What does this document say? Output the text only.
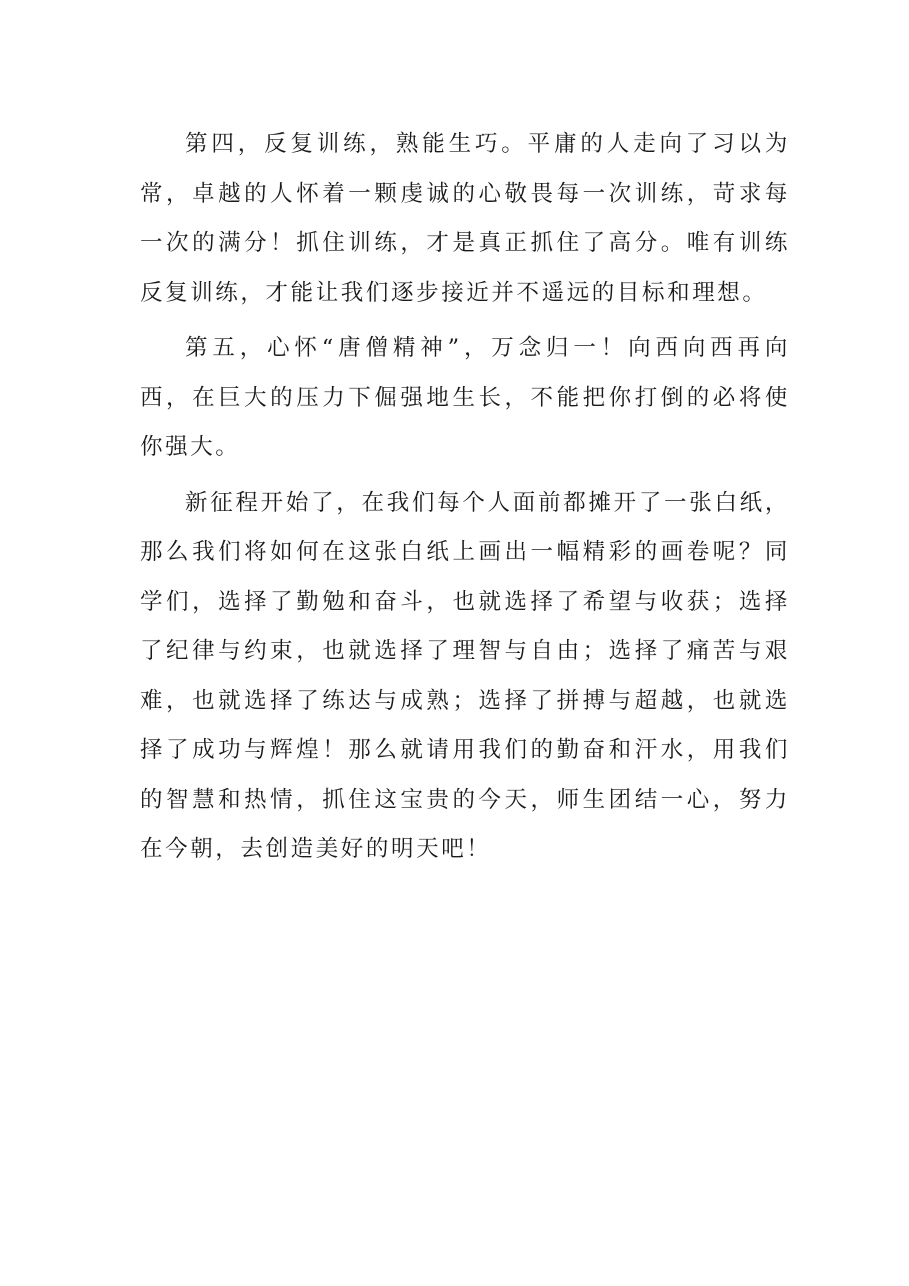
第四，反复训练，熟能生巧。平庸的人走向了习以为常，卓越的人怀着一颗虔诚的心敬畏每一次训练，苛求每一次的满分！抓住训练，才是真正抓住了高分。唯有训练反复训练，才能让我们逐步接近并不遥远的目标和理想。

第五，心怀“唐僧精神”，万念归一！向西向西再向西，在巨大的压力下倔强地生长，不能把你打倒的必将使你强大。

新征程开始了，在我们每个人面前都摊开了一张白纸，那么我们将如何在这张白纸上画出一幅精彩的画卷呢？同学们，选择了勤勉和奋斗，也就选择了希望与收获；选择了纪律与约束，也就选择了理智与自由；选择了痛苦与艰难，也就选择了练达与成熟；选择了拼搏与超越，也就选择了成功与辉煌！那么就请用我们的勤奋和汗水，用我们的智慧和热情，抓住这宝贵的今天，师生团结一心，努力在今朝，去创造美好的明天吧！
